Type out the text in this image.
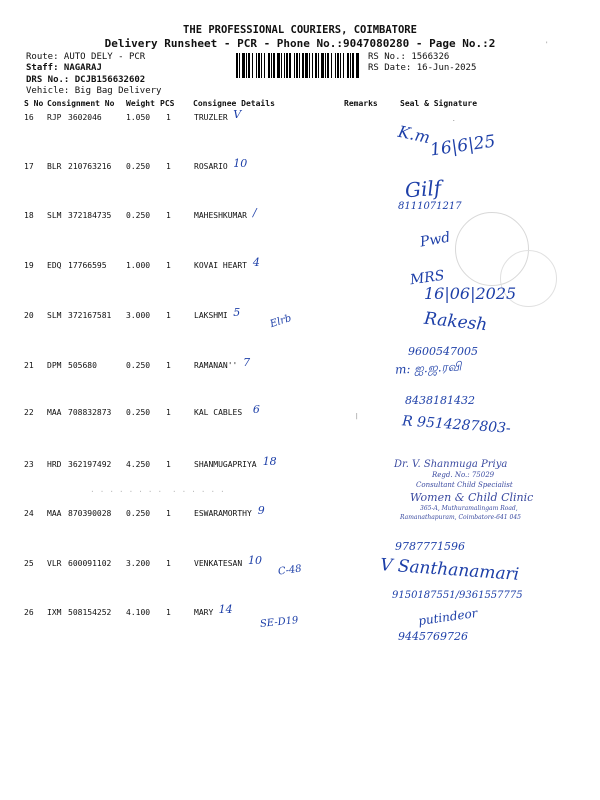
THE PROFESSIONAL COURIERS, COIMBATORE
Delivery Runsheet - PCR - Phone No.:9047080280 - Page No.:2
Route: AUTO DELY - PCR
Staff: NAGARAJ
DRS No.: DCJB156632602
Vehicle: Big Bag Delivery
RS No.: 1566326
RS Date: 16-Jun-2025
S No Consignment No Weight PCS Consignee Details	Remarks	Seal & Signature
16 RJP 3602046	1.050 1	TRUZLER V
17 BLR 210763216 0.250 1	ROSARIO 10
18 SLM 372184735 0.250 1	MAHESHKUMAR /
19 EDQ 17766595 1.000 1	KOVAI HEART 4
20 SLM 372167581 3.000 1	LAKSHMI 5
21 DPM 505680	0.250 1	RAMANAN'' 7
22 MAA 708832873 0.250 1	KAL CABLES 6
23 HRD 362197492 4.250 1	SHANMUGAPRIYA 18
24 MAA 870390028 0.250 1	ESWARAMORTHY 9
25 VLR 600091102 3.200 1	VENKATESAN 10
26 IXM 508154252 4.100 1	MARY 14
|
.
'
K.m
16|6|25
Gilf
8111071217
Pwd
MRS
16|06|2025
Elrb	Rakesh
9600547005
m: ஐ.ஜ.ரவி
8438181432
R 9514287803-
Dr. V. Shanmuga Priya
Regd. No.: 75029
Consultant Child Specialist
· · · · · · · ·  · · · · · ·	Women & Child Clinic
365-A, Muthuramalingam Road,
Ramanathapuram, Coimbatore-641 045
9787771596
C-48	V Santhanamari
9150187551/9361557775
SE-D19	putindeor
9445769726
